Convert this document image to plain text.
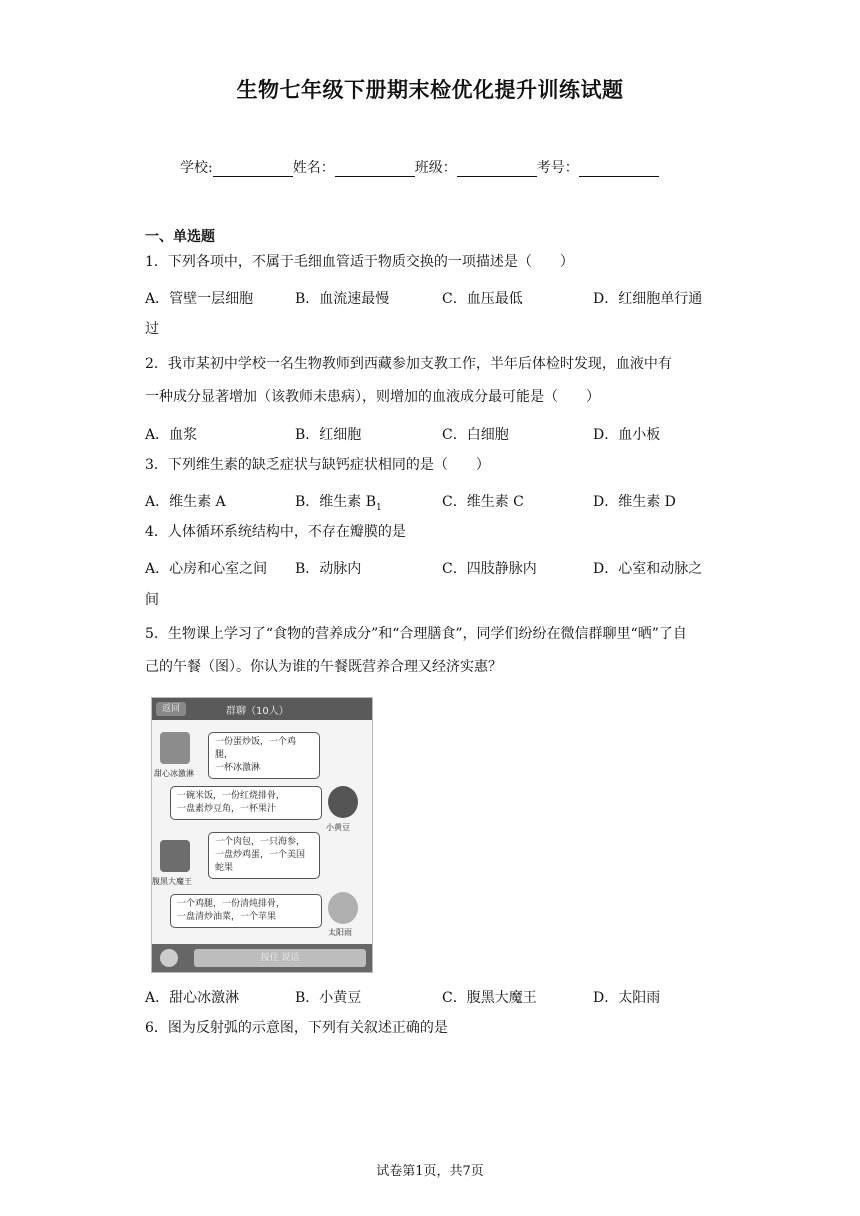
生物七年级下册期末检优化提升训练试题
学校:	姓名：	班级：	考号：
一、单选题
1．下列各项中，不属于毛细血管适于物质交换的一项描述是（　　）
A．管壁一层细胞	B．血流速最慢	C．血压最低	D．红细胞单行通
过
2．我市某初中学校一名生物教师到西藏参加支教工作，半年后体检时发现，血液中有
一种成分显著增加（该教师未患病），则增加的血液成分最可能是（　　）
A．血浆	B．红细胞	C．白细胞	D．血小板
3．下列维生素的缺乏症状与缺钙症状相同的是（　　）
A．维生素 A	B．维生素 $B_1$	C．维生素 C	D．维生素 D
4．人体循环系统结构中，不存在瓣膜的是
A．心房和心室之间 B．动脉内	C．四肢静脉内	D．心室和动脉之
间
5．生物课上学习了“食物的营养成分”和“合理膳食”，同学们纷纷在微信群聊里“晒”了自
己的午餐（图）。你认为谁的午餐既营养合理又经济实惠？
返回	群聊（10人）
甜心冰激淋
一份蛋炒饭，一个鸡腿，
一杯冰激淋
小黄豆
一碗米饭，一份红烧排骨，
一盘素炒豆角，一杯果汁
腹黑大魔王
一个肉包，一只海参，
一盘炒鸡蛋，一个美国
蛇果
太阳雨
一个鸡腿，一份清炖排骨，
一盘清炒油菜，一个苹果
按住 说话
A．甜心冰激淋	B．小黄豆	C．腹黑大魔王	D．太阳雨
6．图为反射弧的示意图，下列有关叙述正确的是
试卷第1页，共7页
